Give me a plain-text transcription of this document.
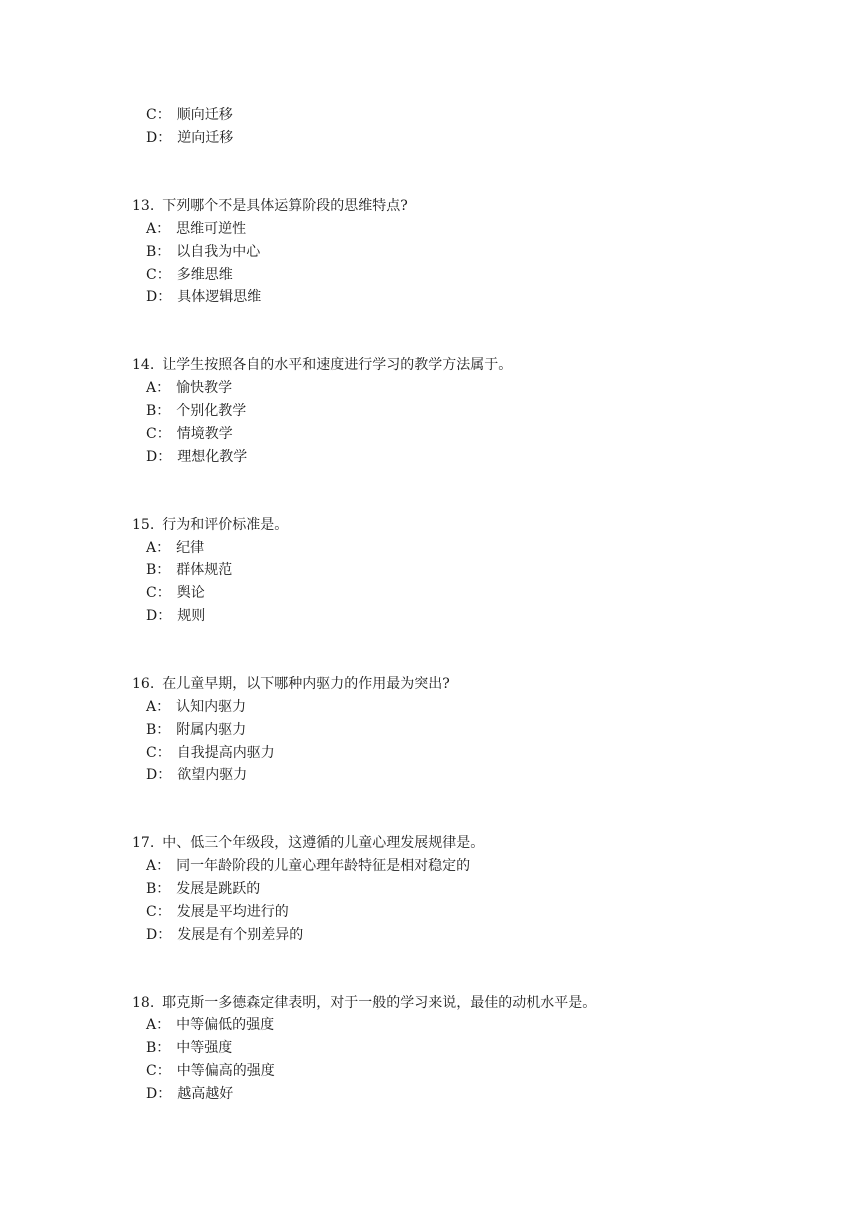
C： 顺向迁移
D： 逆向迁移
13. 下列哪个不是具体运算阶段的思维特点?
A： 思维可逆性
B： 以自我为中心
C： 多维思维
D： 具体逻辑思维
14. 让学生按照各自的水平和速度进行学习的教学方法属于。
A： 愉快教学
B： 个别化教学
C： 情境教学
D： 理想化教学
15. 行为和评价标准是。
A： 纪律
B： 群体规范
C： 舆论
D： 规则
16. 在儿童早期，以下哪种内驱力的作用最为突出?
A： 认知内驱力
B： 附属内驱力
C： 自我提高内驱力
D： 欲望内驱力
17. 中、低三个年级段，这遵循的儿童心理发展规律是。
A： 同一年龄阶段的儿童心理年龄特征是相对稳定的
B： 发展是跳跃的
C： 发展是平均进行的
D： 发展是有个别差异的
18. 耶克斯一多德森定律表明，对于一般的学习来说，最佳的动机水平是。
A： 中等偏低的强度
B： 中等强度
C： 中等偏高的强度
D： 越高越好
